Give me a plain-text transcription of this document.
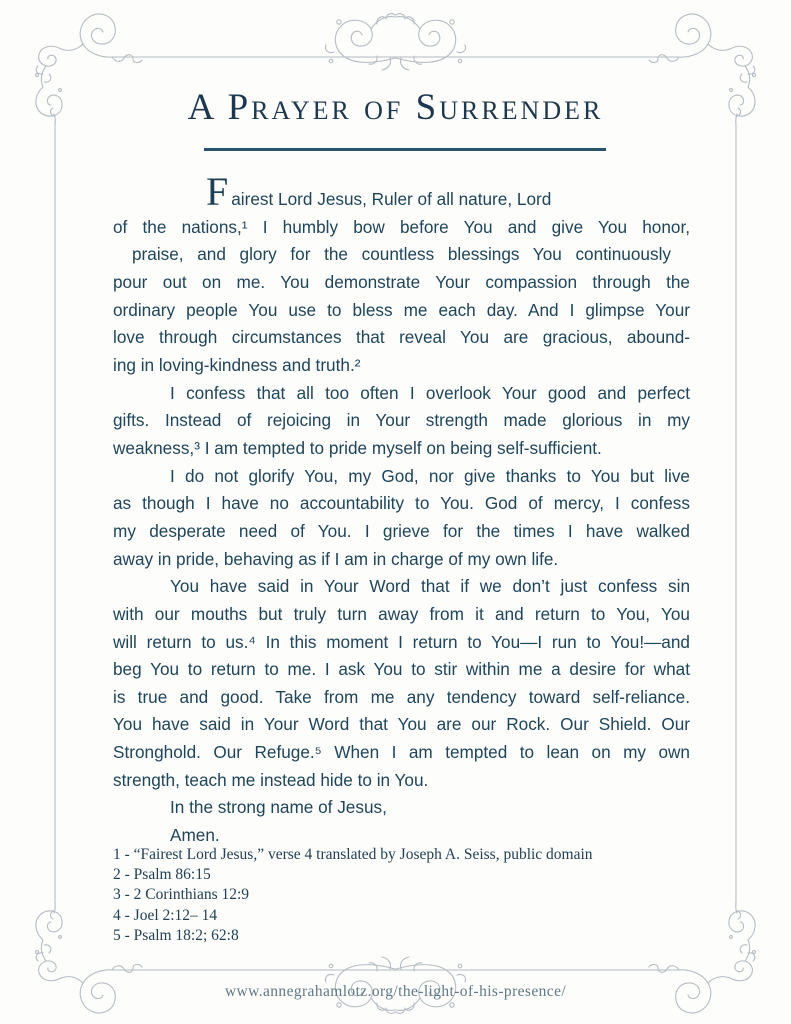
A Prayer of Surrender
Fairest Lord Jesus, Ruler of all nature, Lord
of the nations,¹ I humbly bow before You and give You honor,
praise, and glory for the countless blessings You continuously
pour out on me. You demonstrate Your compassion through the
ordinary people You use to bless me each day. And I glimpse Your
love through circumstances that reveal You are gracious, abound-
ing in loving-kindness and truth.²
I confess that all too often I overlook Your good and perfect
gifts. Instead of rejoicing in Your strength made glorious in my
weakness,³ I am tempted to pride myself on being self-sufficient.
I do not glorify You, my God, nor give thanks to You but live
as though I have no accountability to You. God of mercy, I confess
my desperate need of You. I grieve for the times I have walked
away in pride, behaving as if I am in charge of my own life.
You have said in Your Word that if we don’t just confess sin
with our mouths but truly turn away from it and return to You, You
will return to us.⁴ In this moment I return to You—I run to You!—and
beg You to return to me. I ask You to stir within me a desire for what
is true and good. Take from me any tendency toward self-reliance.
You have said in Your Word that You are our Rock. Our Shield. Our
Stronghold. Our Refuge.⁵ When I am tempted to lean on my own
strength, teach me instead hide to in You.
In the strong name of Jesus,
Amen.
1 - “Fairest Lord Jesus,” verse 4 translated by Joseph A. Seiss, public domain
2 - Psalm 86:15
3 - 2 Corinthians 12:9
4 - Joel 2:12– 14
5 - Psalm 18:2; 62:8
www.annegrahamlotz.org/the-light-of-his-presence/
